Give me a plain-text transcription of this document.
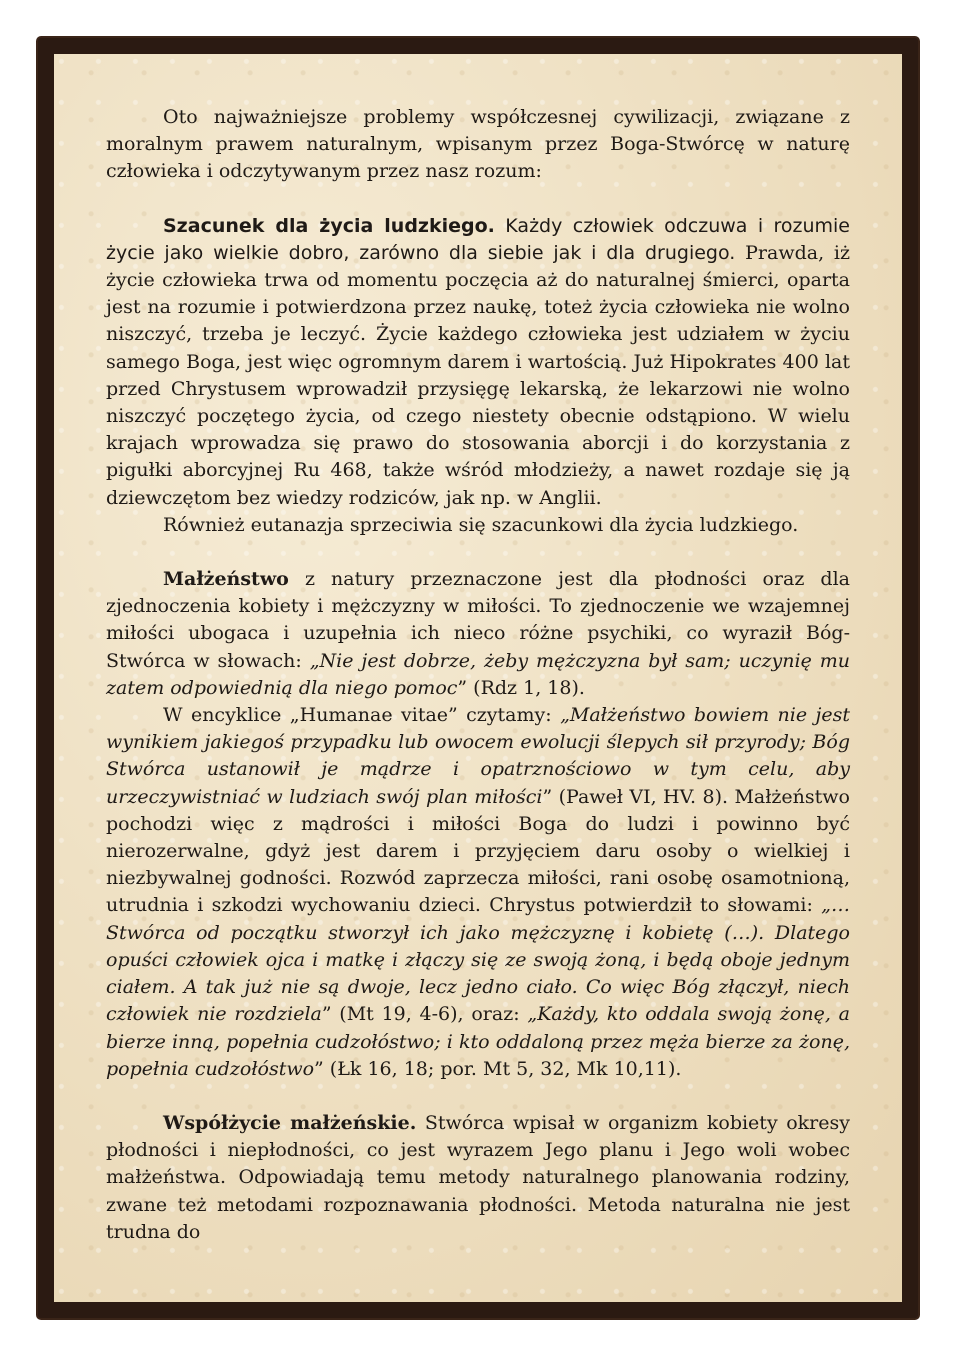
Oto najważniejsze problemy współczesnej cywilizacji, związane z moralnym prawem naturalnym, wpisanym przez Boga-Stwórcę w naturę człowieka i odczytywanym przez nasz rozum:

Szacunek dla życia ludzkiego. Każdy człowiek odczuwa i rozumie życie jako wielkie dobro, zarówno dla siebie jak i dla drugiego. Prawda, iż życie człowieka trwa od momentu poczęcia aż do naturalnej śmierci, oparta jest na rozumie i potwierdzona przez naukę, toteż życia człowieka nie wolno niszczyć, trzeba je leczyć. Życie każdego człowieka jest udziałem w życiu samego Boga, jest więc ogromnym darem i wartością. Już Hipokrates 400 lat przed Chrystusem wprowadził przysięgę lekarską, że lekarzowi nie wolno niszczyć poczętego życia, od czego niestety obecnie odstąpiono. W wielu krajach wprowadza się prawo do stosowania aborcji i do korzystania z pigułki aborcyjnej Ru 468, także wśród młodzieży, a nawet rozdaje się ją dziewczętom bez wiedzy rodziców, jak np. w Anglii.

Również eutanazja sprzeciwia się szacunkowi dla życia ludzkiego.

Małżeństwo z natury przeznaczone jest dla płodności oraz dla zjednoczenia kobiety i mężczyzny w miłości. To zjednoczenie we wzajemnej miłości ubogaca i uzupełnia ich nieco różne psychiki, co wyraził Bóg-Stwórca w słowach: „Nie jest dobrze, żeby mężczyzna był sam; uczynię mu zatem odpowiednią dla niego pomoc” (Rdz 1, 18).

W encyklice „Humanae vitae” czytamy: „Małżeństwo bowiem nie jest wynikiem jakiegoś przypadku lub owocem ewolucji ślepych sił przyrody; Bóg Stwórca ustanowił je mądrze i opatrznościowo w tym celu, aby urzeczywistniać w ludziach swój plan miłości” (Paweł VI, HV. 8). Małżeństwo pochodzi więc z mądrości i miłości Boga do ludzi i powinno być nierozerwalne, gdyż jest darem i przyjęciem daru osoby o wielkiej i niezbywalnej godności. Rozwód zaprzecza miłości, rani osobę osamotnioną, utrudnia i szkodzi wychowaniu dzieci. Chrystus potwierdził to słowami: „… Stwórca od początku stworzył ich jako mężczyznę i kobietę (…). Dlatego opuści człowiek ojca i matkę i złączy się ze swoją żoną, i będą oboje jednym ciałem. A tak już nie są dwoje, lecz jedno ciało. Co więc Bóg złączył, niech człowiek nie rozdziela” (Mt 19, 4-6), oraz: „Każdy, kto oddala swoją żonę, a bierze inną, popełnia cudzołóstwo; i kto oddaloną przez męża bierze za żonę, popełnia cudzołóstwo” (Łk 16, 18; por. Mt 5, 32, Mk 10,11).

Współżycie małżeńskie. Stwórca wpisał w organizm kobiety okresy płodności i niepłodności, co jest wyrazem Jego planu i Jego woli wobec małżeństwa. Odpowiadają temu metody naturalnego planowania rodziny, zwane też metodami rozpoznawania płodności. Metoda naturalna nie jest trudna do
